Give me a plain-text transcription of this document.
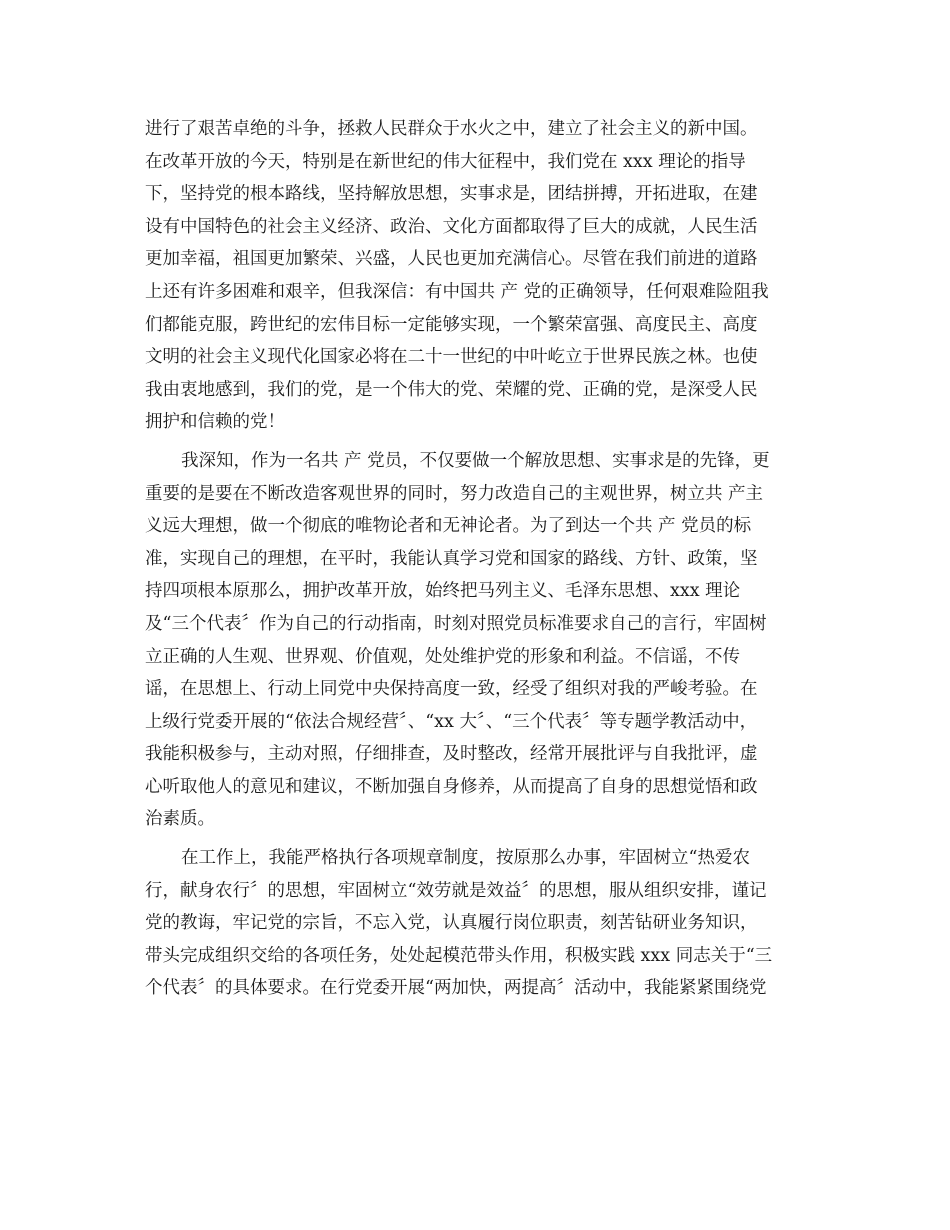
进行了艰苦卓绝的斗争，拯救人民群众于水火之中，建立了社会主义的新中国。
在改革开放的今天，特别是在新世纪的伟大征程中，我们党在 xxx 理论的指导
下，坚持党的根本路线，坚持解放思想，实事求是，团结拼搏，开拓进取，在建
设有中国特色的社会主义经济、政治、文化方面都取得了巨大的成就，人民生活
更加幸福，祖国更加繁荣、兴盛，人民也更加充满信心。尽管在我们前进的道路
上还有许多困难和艰辛，但我深信：有中国共 产 党的正确领导，任何艰难险阻我
们都能克服，跨世纪的宏伟目标一定能够实现，一个繁荣富强、高度民主、高度
文明的社会主义现代化国家必将在二十一世纪的中叶屹立于世界民族之林。也使
我由衷地感到，我们的党，是一个伟大的党、荣耀的党、正确的党，是深受人民
拥护和信赖的党！
我深知，作为一名共 产 党员，不仅要做一个解放思想、实事求是的先锋，更
重要的是要在不断改造客观世界的同时，努力改造自己的主观世界，树立共 产主
义远大理想，做一个彻底的唯物论者和无神论者。为了到达一个共 产 党员的标
准，实现自己的理想，在平时，我能认真学习党和国家的路线、方针、政策，坚
持四项根本原那么，拥护改革开放，始终把马列主义、毛泽东思想、xxx 理论
及“三个代表〞作为自己的行动指南，时刻对照党员标准要求自己的言行，牢固树
立正确的人生观、世界观、价值观，处处维护党的形象和利益。不信谣，不传
谣，在思想上、行动上同党中央保持高度一致，经受了组织对我的严峻考验。在
上级行党委开展的“依法合规经营〞、“xx 大〞、“三个代表〞等专题学教活动中，
我能积极参与，主动对照，仔细排查，及时整改，经常开展批评与自我批评，虚
心听取他人的意见和建议，不断加强自身修养，从而提高了自身的思想觉悟和政
治素质。
在工作上，我能严格执行各项规章制度，按原那么办事，牢固树立“热爱农
行，献身农行〞的思想，牢固树立“效劳就是效益〞的思想，服从组织安排，谨记
党的教诲，牢记党的宗旨，不忘入党，认真履行岗位职责，刻苦钻研业务知识，
带头完成组织交给的各项任务，处处起模范带头作用，积极实践 xxx 同志关于“三
个代表〞的具体要求。在行党委开展“两加快，两提高〞活动中，我能紧紧围绕党
